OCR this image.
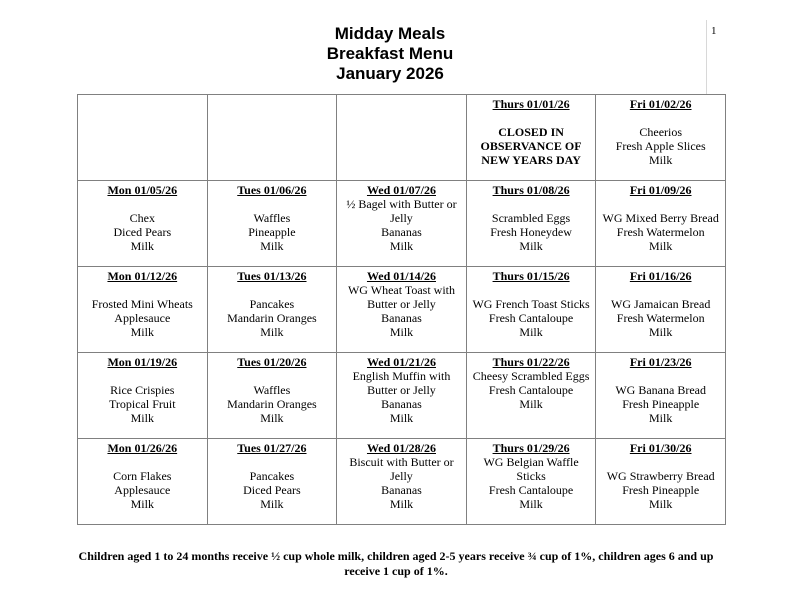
1
Midday Meals
Breakfast Menu
January 2026

			Thurs 01/01/26
CLOSED IN OBSERVANCE OF NEW YEARS DAY	Fri 01/02/26
Cheerios
Fresh Apple Slices
Milk

Mon 01/05/26
Chex
Diced Pears
Milk	Tues 01/06/26
Waffles
Pineapple
Milk	Wed 01/07/26
½ Bagel with Butter or Jelly
Bananas
Milk	Thurs 01/08/26
Scrambled Eggs
Fresh Honeydew
Milk	Fri 01/09/26
WG Mixed Berry Bread
Fresh Watermelon
Milk

Mon 01/12/26
Frosted Mini Wheats
Applesauce
Milk	Tues 01/13/26
Pancakes
Mandarin Oranges
Milk	Wed 01/14/26
WG Wheat Toast with Butter or Jelly
Bananas
Milk	Thurs 01/15/26
WG French Toast Sticks
Fresh Cantaloupe
Milk	Fri 01/16/26
WG Jamaican Bread
Fresh Watermelon
Milk

Mon 01/19/26
Rice Crispies
Tropical Fruit
Milk	Tues 01/20/26
Waffles
Mandarin Oranges
Milk	Wed 01/21/26
English Muffin with Butter or Jelly
Bananas
Milk	Thurs 01/22/26
Cheesy Scrambled Eggs
Fresh Cantaloupe
Milk	Fri 01/23/26
WG Banana Bread
Fresh Pineapple
Milk

Mon 01/26/26
Corn Flakes
Applesauce
Milk	Tues 01/27/26
Pancakes
Diced Pears
Milk	Wed 01/28/26
Biscuit with Butter or Jelly
Bananas
Milk	Thurs 01/29/26
WG Belgian Waffle Sticks
Fresh Cantaloupe
Milk	Fri 01/30/26
WG Strawberry Bread
Fresh Pineapple
Milk
Children aged 1 to 24 months receive ½ cup whole milk, children aged 2-5 years receive ¾ cup of 1%, children ages 6 and up receive 1 cup of 1%.
